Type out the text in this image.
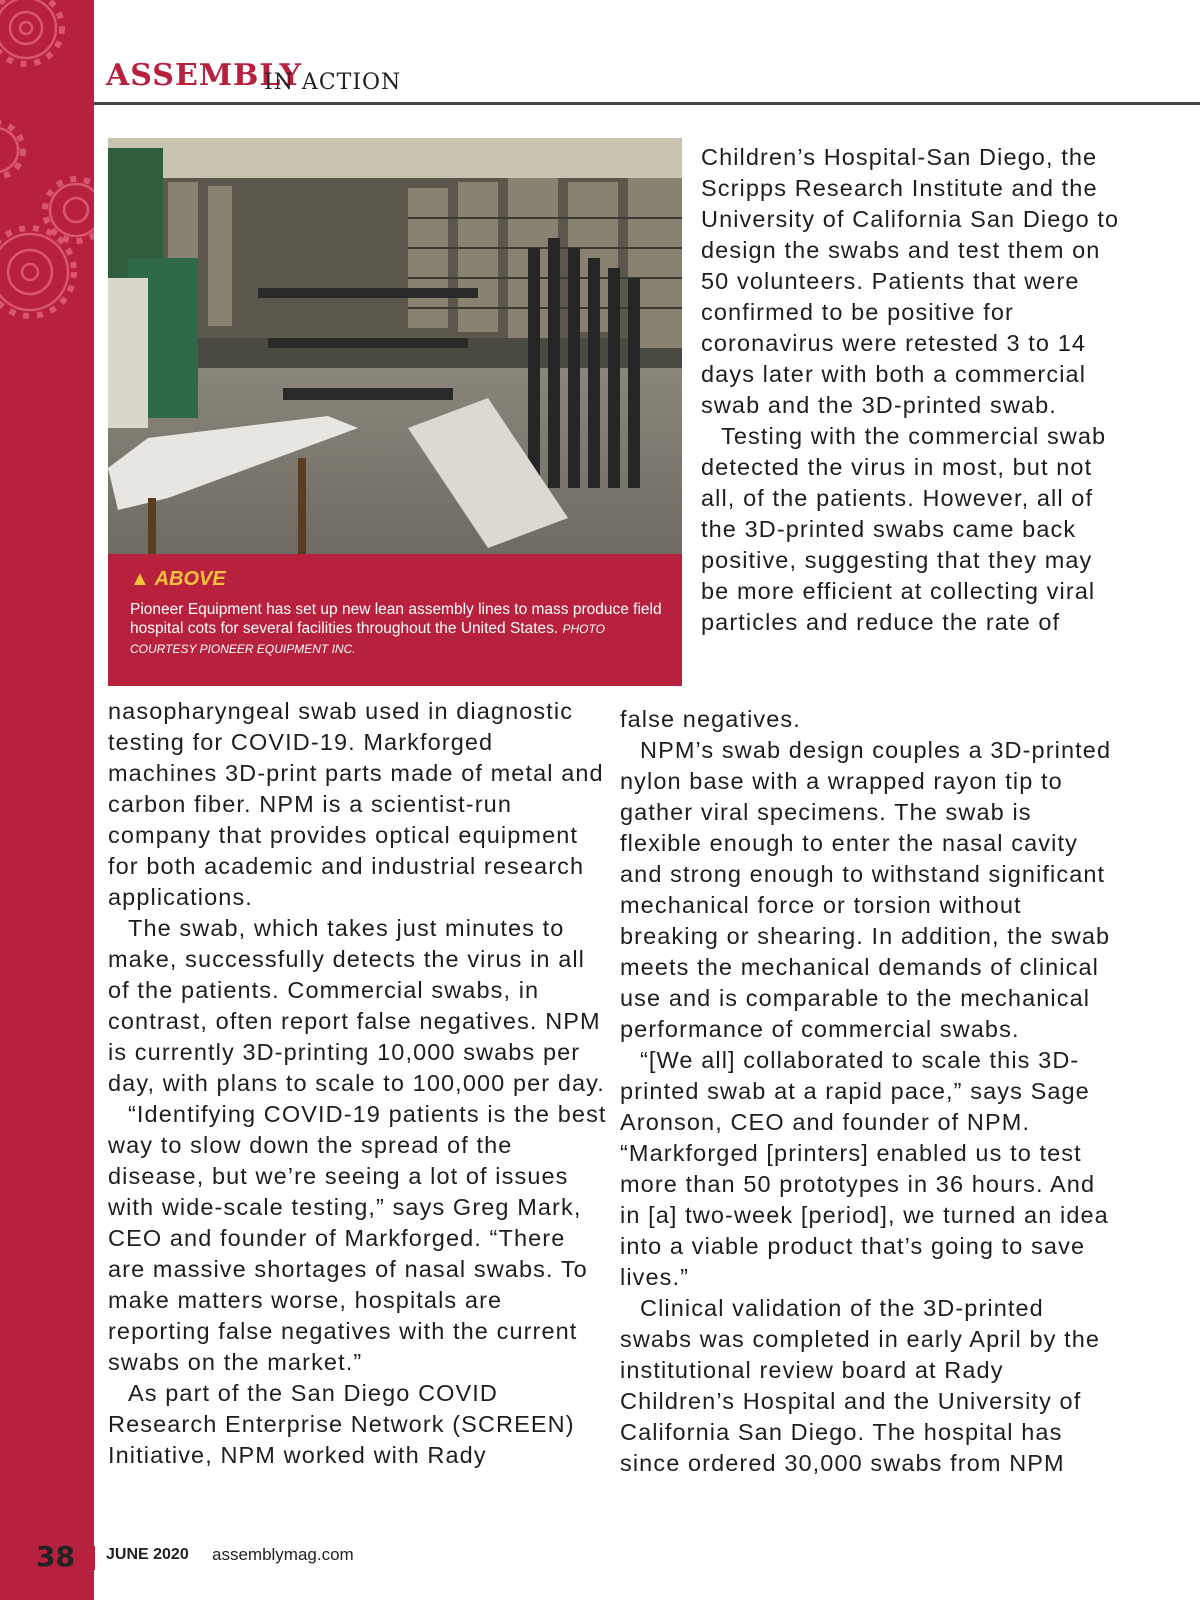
ASSEMBLY
IN ACTION
▲ ABOVE
Pioneer Equipment has set up new lean assembly lines to mass produce field hospital cots for several facilities throughout the United States. PHOTO COURTESY PIONEER EQUIPMENT INC.

nasopharyngeal swab used in diagnostic testing for COVID-19. Markforged machines 3D-print parts made of metal and carbon fiber. NPM is a scientist-run company that provides optical equipment for both academic and industrial research applications.

The swab, which takes just minutes to make, successfully detects the virus in all of the patients. Commercial swabs, in contrast, often report false negatives. NPM is currently 3D-printing 10,000 swabs per day, with plans to scale to 100,000 per day.

“Identifying COVID-19 patients is the best way to slow down the spread of the disease, but we’re seeing a lot of issues with wide-scale testing,” says Greg Mark, CEO and founder of Markforged. “There are massive shortages of nasal swabs. To make matters worse, hospitals are reporting false negatives with the current swabs on the market.”

As part of the San Diego COVID Research Enterprise Network (SCREEN) Initiative, NPM worked with Rady

Children’s Hospital-San Diego, the Scripps Research Institute and the University of California San Diego to design the swabs and test them on 50 volunteers. Patients that were confirmed to be positive for coronavirus were retested 3 to 14 days later with both a commercial swab and the 3D-printed swab.

Testing with the commercial swab detected the virus in most, but not all, of the patients. However, all of the 3D-printed swabs came back positive, suggesting that they may be more efficient at collecting viral particles and reduce the rate of

false negatives.

NPM’s swab design couples a 3D-printed nylon base with a wrapped rayon tip to gather viral specimens. The swab is flexible enough to enter the nasal cavity and strong enough to withstand significant mechanical force or torsion without breaking or shearing. In addition, the swab meets the mechanical demands of clinical use and is comparable to the mechanical performance of commercial swabs.

“[We all] collaborated to scale this 3D-printed swab at a rapid pace,” says Sage Aronson, CEO and founder of NPM. “Markforged [printers] enabled us to test more than 50 prototypes in 36 hours. And in [a] two-week [period], we turned an idea into a viable product that’s going to save lives.”

Clinical validation of the 3D-printed swabs was completed in early April by the institutional review board at Rady Children’s Hospital and the University of California San Diego. The hospital has since ordered 30,000 swabs from NPM

38 JUNE 2020 assemblymag.com
